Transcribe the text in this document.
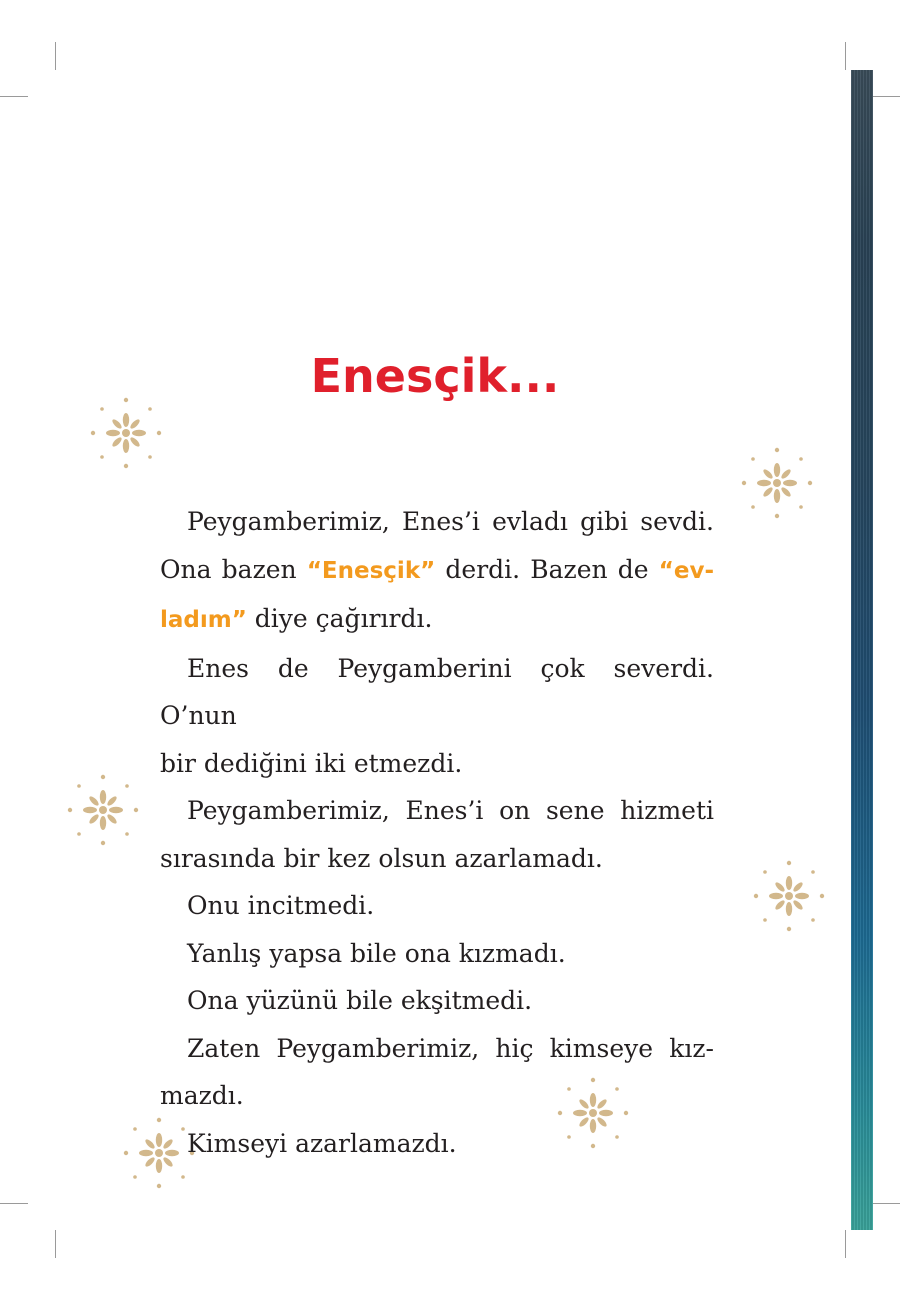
Enesçik...

Peygamberimiz, Enes’i evladı gibi sevdi.
Ona bazen “Enesçik” derdi. Bazen de “ev-
ladım” diye çağırırdı.

Enes de Peygamberini çok severdi. O’nun
bir dediğini iki etmezdi.

Peygamberimiz, Enes’i on sene hizmeti
sırasında bir kez olsun azarlamadı.

Onu incitmedi.

Yanlış yapsa bile ona kızmadı.

Ona yüzünü bile ekşitmedi.

Zaten Peygamberimiz, hiç kimseye kız-
mazdı.

Kimseyi azarlamazdı.
